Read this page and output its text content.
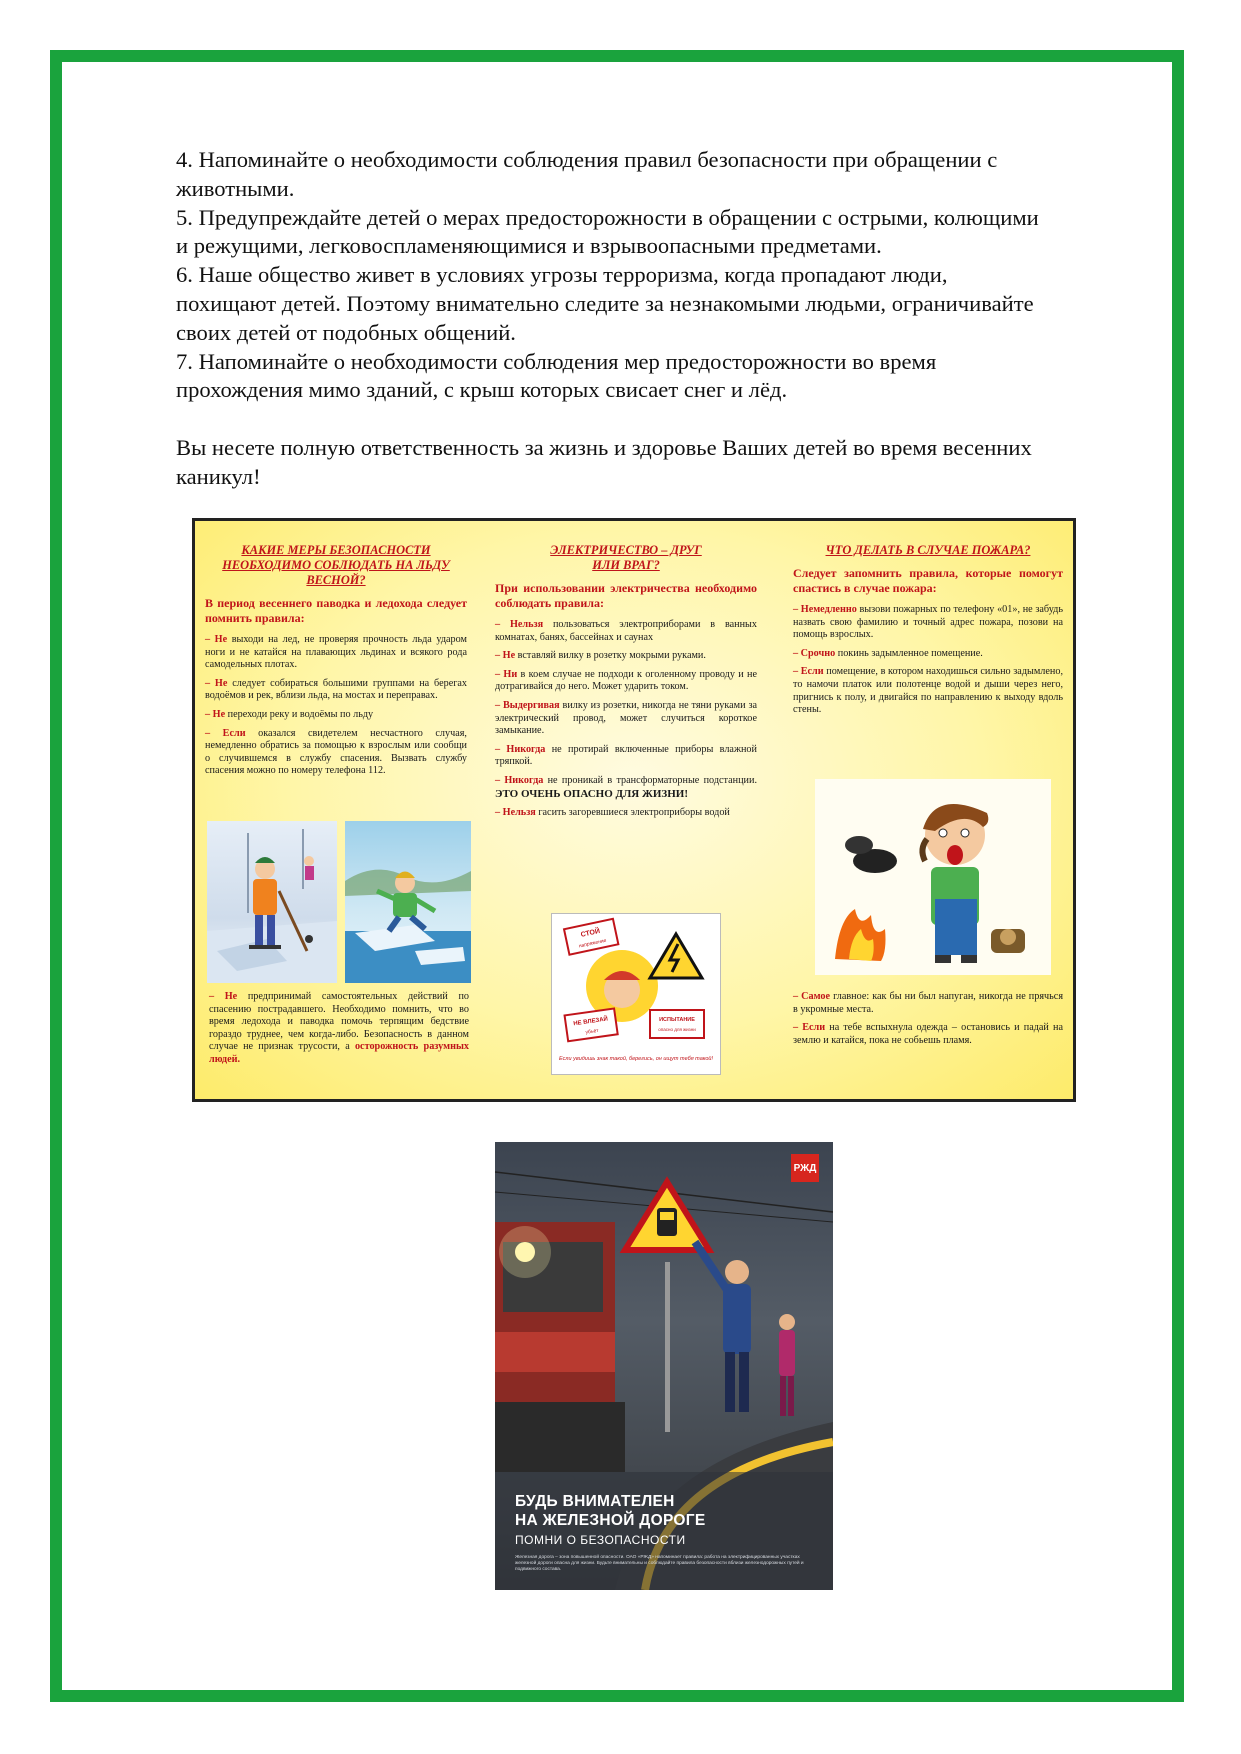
4. Напоминайте о необходимости соблюдения правил безопасности при обращении с

животными.

5. Предупреждайте детей о мерах предосторожности в обращении с острыми, колющими

и режущими, легковоспламеняющимися и взрывоопасными предметами.

6. Наше общество живет в условиях угрозы терроризма, когда пропадают люди,

похищают детей. Поэтому внимательно следите за незнакомыми людьми, ограничивайте

своих детей от подобных общений.

7. Напоминайте о необходимости соблюдения мер предосторожности во время

прохождения мимо зданий, с крыш которых свисает снег и лёд.

Вы несете полную ответственность за жизнь и здоровье Ваших детей во время весенних

каникул!

КАКИЕ МЕРЫ БЕЗОПАСНОСТИ НЕОБХОДИМО СОБЛЮДАТЬ НА ЛЬДУ ВЕСНОЙ?

В период весеннего паводка и ледохода следует помнить правила:

– Не выходи на лед, не проверяя прочность льда ударом ноги и не катайся на плавающих льдинах и всякого рода самодельных плотах.

– Не следует собираться большими группами на берегах водоёмов и рек, вблизи льда, на мостах и переправах.

– Не переходи реку и водоёмы по льду

– Если оказался свидетелем несчастного случая, немедленно обратись за помощью к взрослым или сообщи о случившемся в службу спасения. Вызвать службу спасения можно по номеру телефона 112.

– Не предпринимай самостоятельных действий по спасению пострадавшего. Необходимо помнить, что во время ледохода и паводка помочь терпящим бедствие гораздо труднее, чем когда-либо. Безопасность в данном случае не признак трусости, а осторожность разумных людей.

ЭЛЕКТРИЧЕСТВО – ДРУГ ИЛИ ВРАГ?

При использовании электричества необходимо соблюдать правила:

– Нельзя пользоваться электроприборами в ванных комнатах, банях, бассейнах и саунах

– Не вставляй вилку в розетку мокрыми руками.

– Ни в коем случае не подходи к оголенному проводу и не дотрагивайся до него. Может ударить током.

– Выдергивая вилку из розетки, никогда не тяни руками за электрический провод, может случиться короткое замыкание.

– Никогда не протирай включенные приборы влажной тряпкой.

– Никогда не проникай в трансформаторные подстанции. ЭТО ОЧЕНЬ ОПАСНО ДЛЯ ЖИЗНИ!

– Нельзя гасить загоревшиеся электроприборы водой

СТОЙ
напряжение
НЕ ВЛЕЗАЙ
убьёт
ИСПЫТАНИЕ
опасно для жизни
Если увидишь знак такой, берегись, он ищут тебя такой!

ЧТО ДЕЛАТЬ В СЛУЧАЕ ПОЖАРА?

Следует запомнить правила, которые помогут спастись в случае пожара:

– Немедленно вызови пожарных по телефону «01», не забудь назвать свою фамилию и точный адрес пожара, позови на помощь взрослых.

– Срочно покинь задымленное помещение.

– Если помещение, в котором находишься сильно задымлено, то намочи платок или полотенце водой и дыши через него, пригнись к полу, и двигайся по направлению к выходу вдоль стены.

– Самое главное: как бы ни был напуган, никогда не прячься в укромные места.

– Если на тебе вспыхнула одежда – остановись и падай на землю и катайся, пока не собьешь пламя.

РЖД
БУДЬ ВНИМАТЕЛЕН
НА ЖЕЛЕЗНОЙ ДОРОГЕ
ПОМНИ О БЕЗОПАСНОСТИ
Железная дорога – зона повышенной опасности. ОАО «РЖД» напоминает правила: работа на электрифицированных участках железной дороги опасна для жизни. Будьте внимательны и соблюдайте правила безопасности вблизи железнодорожных путей и подвижного состава.
